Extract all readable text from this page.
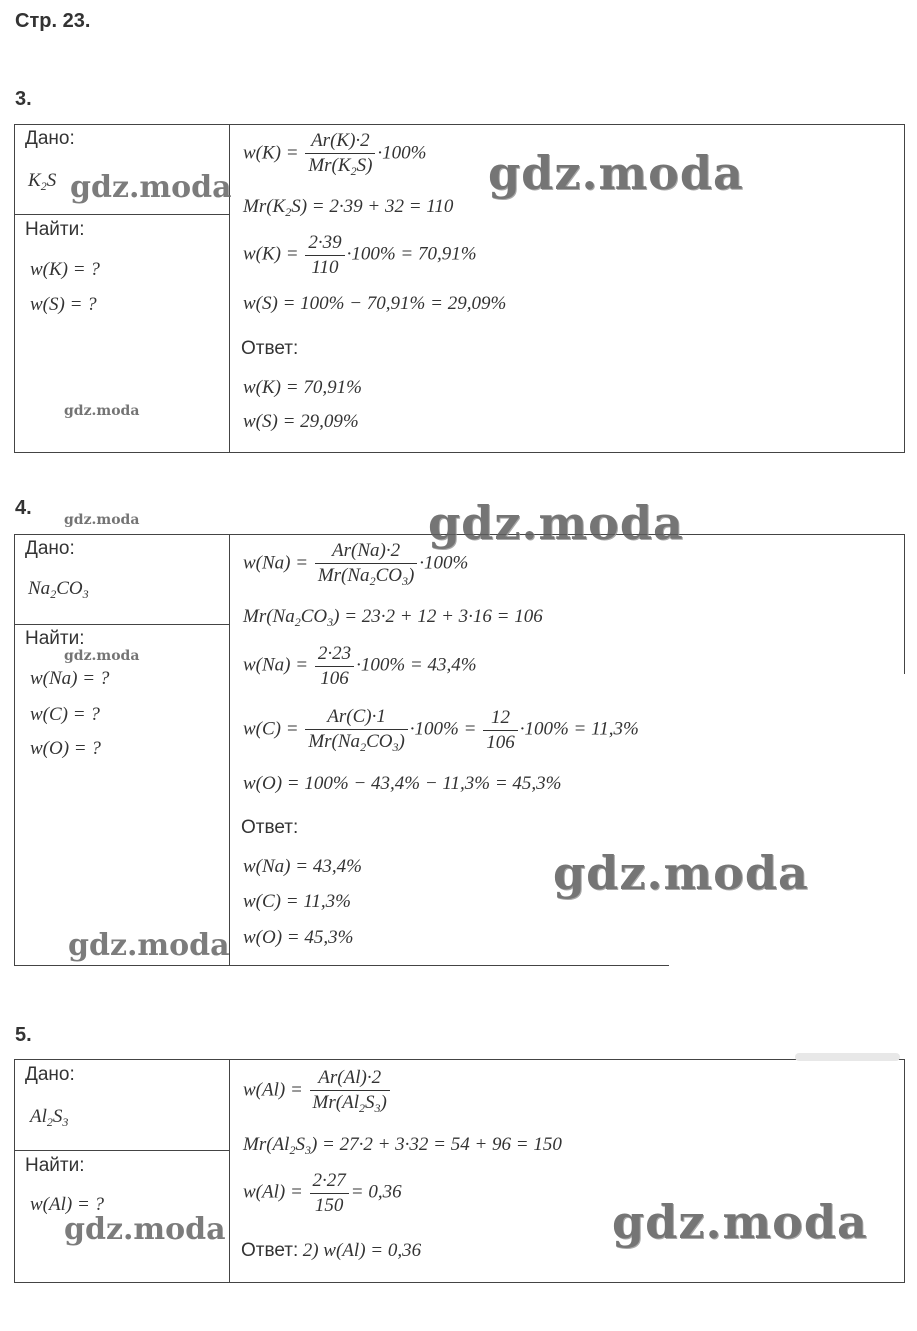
Стр. 23.
3.
Дано:
$K_2S$
Найти:
w(K) = ?
w(S) = ?
$w(K) = \frac{Ar(K)\cdot 2}{Mr(K_2S)} \cdot 100\%$
$Mr(K_2S) = 2\cdot 39 + 32 = 110$
$w(K) = \frac{2\cdot 39}{110} \cdot 100\% = 70,91\%$
w(S) = 100% − 70,91% = 29,09%
Ответ:
w(K) = 70,91%
w(S) = 29,09%
4.
Дано:
$Na_2CO_3$
Найти:
w(Na) = ?
w(C) = ?
w(O) = ?
$w(Na) = \frac{Ar(Na)\cdot 2}{Mr(Na_2CO_3)} \cdot 100\%$
$Mr(Na_2CO_3) = 23\cdot 2 + 12 + 3\cdot 16 = 106$
$w(Na) = \frac{2\cdot 23}{106} \cdot 100\% = 43,4\%$
$w(C) = \frac{Ar(C)\cdot 1}{Mr(Na_2CO_3)} \cdot 100\% = \frac{12}{106} \cdot 100\% = 11,3\%$
w(O) = 100% − 43,4% − 11,3% = 45,3%
Ответ:
w(Na) = 43,4%
w(C) = 11,3%
w(O) = 45,3%
5.
Дано:
$Al_2S_3$
Найти:
w(Al) = ?
$w(Al) = \frac{Ar(Al)\cdot 2}{Mr(Al_2S_3)}$
$Mr(Al_2S_3) = 27\cdot 2 + 3\cdot 32 = 54 + 96 = 150$
$w(Al) = \frac{2\cdot 27}{150} = 0,36$
Ответ: 2) w(Al) = 0,36
gdz.moda
gdz.moda
gdz.moda
gdz.moda	gdz.moda
gdz.moda
gdz.moda
gdz.moda
gdz.moda	gdz.moda
